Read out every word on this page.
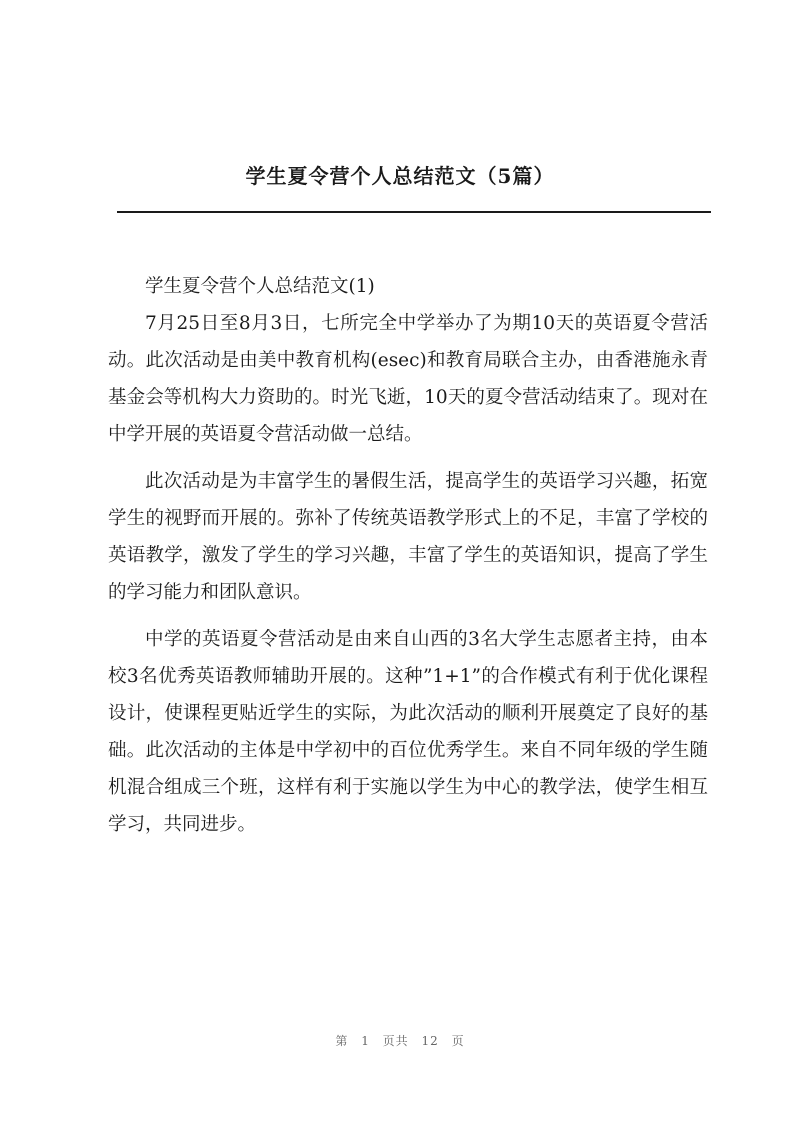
学生夏令营个人总结范文（5篇）

学生夏令营个人总结范文(1)

7月25日至8月3日，七所完全中学举办了为期10天的英语夏令营活动。此次活动是由美中教育机构(esec)和教育局联合主办，由香港施永青基金会等机构大力资助的。时光飞逝，10天的夏令营活动结束了。现对在中学开展的英语夏令营活动做一总结。

此次活动是为丰富学生的暑假生活，提高学生的英语学习兴趣，拓宽学生的视野而开展的。弥补了传统英语教学形式上的不足，丰富了学校的英语教学，激发了学生的学习兴趣，丰富了学生的英语知识，提高了学生的学习能力和团队意识。

中学的英语夏令营活动是由来自山西的3名大学生志愿者主持，由本校3名优秀英语教师辅助开展的。这种”1+1”的合作模式有利于优化课程设计，使课程更贴近学生的实际，为此次活动的顺利开展奠定了良好的基础。此次活动的主体是中学初中的百位优秀学生。来自不同年级的学生随机混合组成三个班，这样有利于实施以学生为中心的教学法，使学生相互学习，共同进步。

第 1 页共 12 页
